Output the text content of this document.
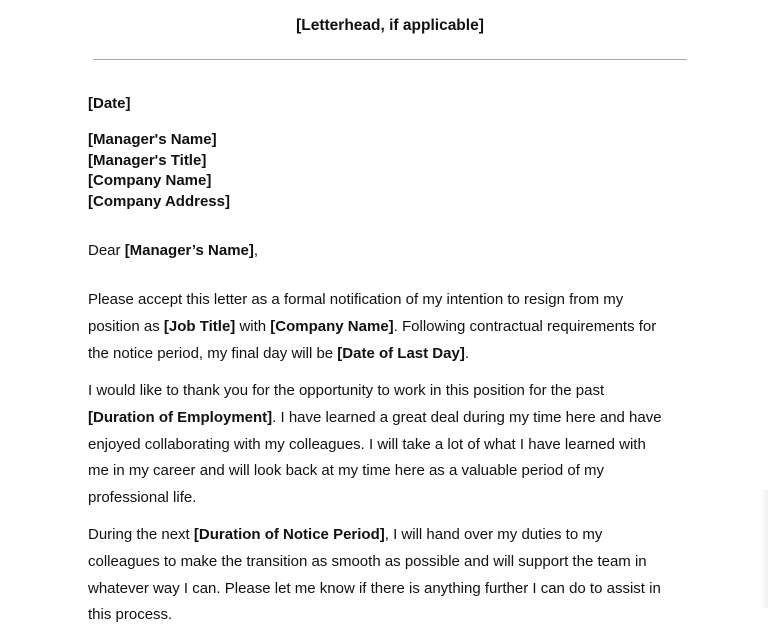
[Letterhead, if applicable]
[Date]
[Manager's Name]
[Manager's Title]
[Company Name]
[Company Address]
Dear [Manager’s Name],

Please accept this letter as a formal notification of my intention to resign from my
position as [Job Title] with [Company Name]. Following contractual requirements for
the notice period, my final day will be [Date of Last Day].

I would like to thank you for the opportunity to work in this position for the past
[Duration of Employment]. I have learned a great deal during my time here and have
enjoyed collaborating with my colleagues. I will take a lot of what I have learned with
me in my career and will look back at my time here as a valuable period of my
professional life.

During the next [Duration of Notice Period], I will hand over my duties to my
colleagues to make the transition as smooth as possible and will support the team in
whatever way I can. Please let me know if there is anything further I can do to assist in
this process.
